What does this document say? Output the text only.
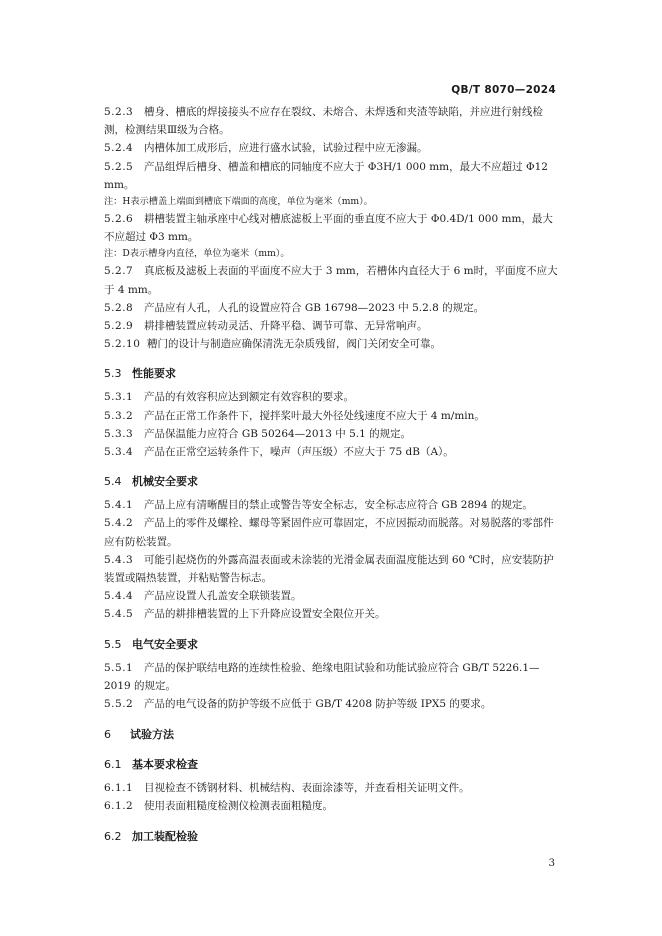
QB/T 8070—2024
5.2.3 槽身、槽底的焊接接头不应存在裂纹、未熔合、未焊透和夹渣等缺陷，并应进行射线检测，检测结果Ⅲ级为合格。
5.2.4 内槽体加工成形后，应进行盛水试验，试验过程中应无渗漏。
5.2.5 产品组焊后槽身、槽盖和槽底的同轴度不应大于 Φ3H/1 000 mm，最大不应超过 Φ12 mm。
注：H表示槽盖上端面到槽底下端面的高度，单位为毫米（mm）。
5.2.6 耕槽装置主轴承座中心线对槽底滤板上平面的垂直度不应大于 Φ0.4D/1 000 mm，最大不应超过 Φ3 mm。
注：D表示槽身内直径，单位为毫米（mm）。
5.2.7 真底板及滤板上表面的平面度不应大于 3 mm，若槽体内直径大于 6 m时，平面度不应大于 4 mm。
5.2.8 产品应有人孔，人孔的设置应符合 GB 16798—2023 中 5.2.8 的规定。
5.2.9 耕排槽装置应转动灵活、升降平稳、调节可靠、无异常响声。
5.2.10 糟门的设计与制造应确保清洗无杂质残留，阀门关闭安全可靠。
5.3 性能要求
5.3.1 产品的有效容积应达到额定有效容积的要求。
5.3.2 产品在正常工作条件下，搅拌桨叶最大外径处线速度不应大于 4 m/min。
5.3.3 产品保温能力应符合 GB 50264—2013 中 5.1 的规定。
5.3.4 产品在正常空运转条件下，噪声（声压级）不应大于 75 dB（A）。
5.4 机械安全要求
5.4.1 产品上应有清晰醒目的禁止或警告等安全标志，安全标志应符合 GB 2894 的规定。
5.4.2 产品上的零件及螺栓、螺母等紧固件应可靠固定，不应因振动而脱落。对易脱落的零部件应有防松装置。
5.4.3 可能引起烧伤的外露高温表面或未涂装的光滑金属表面温度能达到 60 ℃时，应安装防护装置或隔热装置，并粘贴警告标志。
5.4.4 产品应设置人孔盖安全联锁装置。
5.4.5 产品的耕排槽装置的上下升降应设置安全限位开关。
5.5 电气安全要求
5.5.1 产品的保护联结电路的连续性检验、绝缘电阻试验和功能试验应符合 GB/T 5226.1—2019 的规定。
5.5.2 产品的电气设备的防护等级不应低于 GB/T 4208 防护等级 IPX5 的要求。
6 试验方法
6.1 基本要求检查
6.1.1 目视检查不锈钢材料、机械结构、表面涂漆等，并查看相关证明文件。
6.1.2 使用表面粗糙度检测仪检测表面粗糙度。
6.2 加工装配检验
3
